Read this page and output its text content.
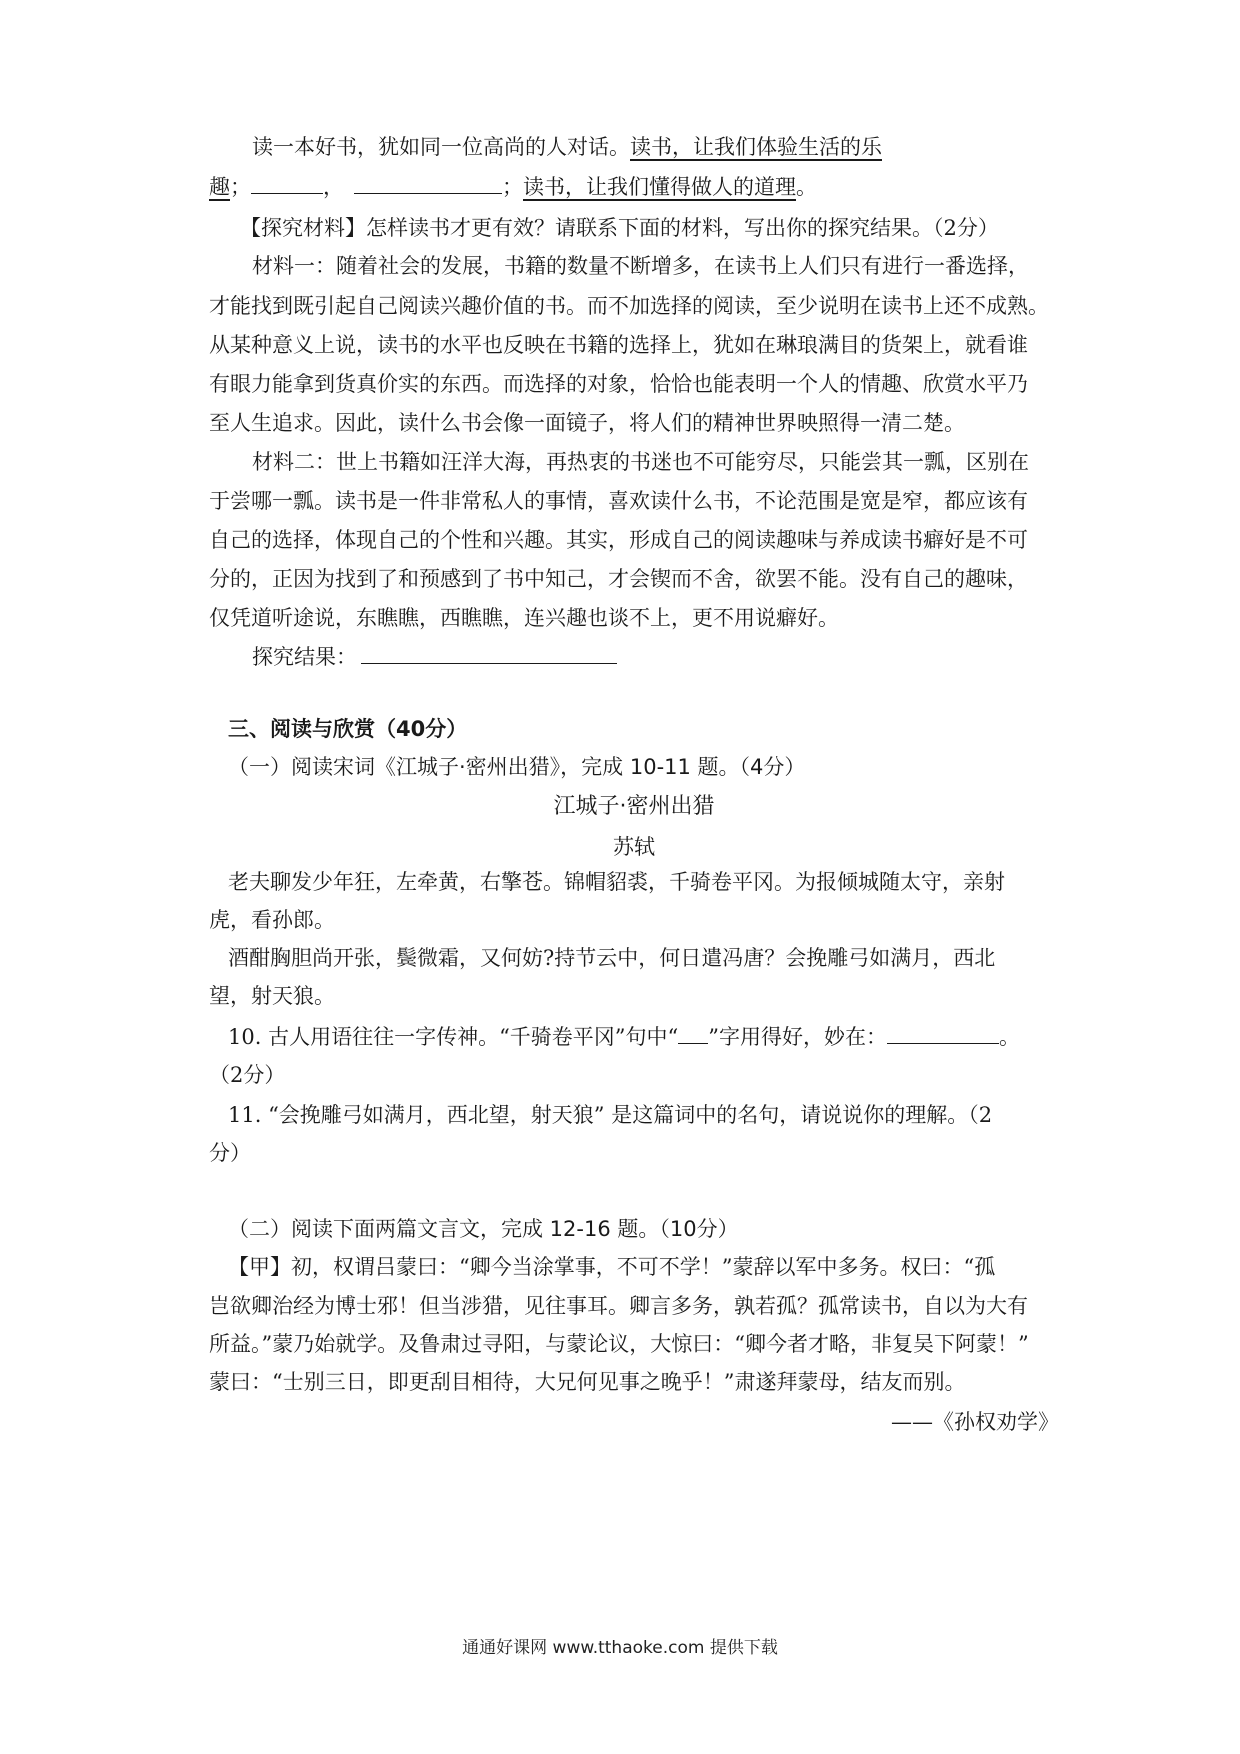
读一本好书，犹如同一位高尚的人对话。读书，让我们体验生活的乐
趣；	，	；读书，让我们懂得做人的道理。
【探究材料】怎样读书才更有效？请联系下面的材料，写出你的探究结果。（2分）
材料一：随着社会的发展，书籍的数量不断增多，在读书上人们只有进行一番选择，
才能找到既引起自己阅读兴趣价值的书。而不加选择的阅读，至少说明在读书上还不成熟。
从某种意义上说，读书的水平也反映在书籍的选择上，犹如在琳琅满目的货架上，就看谁
有眼力能拿到货真价实的东西。而选择的对象，恰恰也能表明一个人的情趣、欣赏水平乃
至人生追求。因此，读什么书会像一面镜子，将人们的精神世界映照得一清二楚。
材料二：世上书籍如汪洋大海，再热衷的书迷也不可能穷尽，只能尝其一瓢，区别在
于尝哪一瓢。读书是一件非常私人的事情，喜欢读什么书，不论范围是宽是窄，都应该有
自己的选择，体现自己的个性和兴趣。其实，形成自己的阅读趣味与养成读书癖好是不可
分的，正因为找到了和预感到了书中知己，才会锲而不舍，欲罢不能。没有自己的趣味，
仅凭道听途说，东瞧瞧，西瞧瞧，连兴趣也谈不上，更不用说癖好。
探究结果：
三、阅读与欣赏（40分）
（一）阅读宋词《江城子·密州出猎》，完成 10-11 题。（4分）
江城子·密州出猎
苏轼
老夫聊发少年狂，左牵黄，右擎苍。锦帽貂裘，千骑卷平冈。为报倾城随太守，亲射
虎，看孙郎。
酒酣胸胆尚开张，鬓微霜，又何妨?持节云中，何日遣冯唐？会挽雕弓如满月，西北
望，射天狼。
10. 古人用语往往一字传神。“千骑卷平冈”句中“ ”字用得好，妙在：	。
（2分）
11. “会挽雕弓如满月，西北望，射天狼” 是这篇词中的名句，请说说你的理解。（2
分）
（二）阅读下面两篇文言文，完成 12-16 题。（10分）
【甲】初，权谓吕蒙曰：“卿今当涂掌事，不可不学！”蒙辞以军中多务。权曰：“孤
岂欲卿治经为博士邪！但当涉猎，见往事耳。卿言多务，孰若孤？孤常读书，自以为大有
所益。”蒙乃始就学。及鲁肃过寻阳，与蒙论议，大惊曰：“卿今者才略，非复吴下阿蒙！”
蒙曰：“士别三日，即更刮目相待，大兄何见事之晚乎！”肃遂拜蒙母，结友而别。
——《孙权劝学》
通通好课网 www.tthaoke.com 提供下载
